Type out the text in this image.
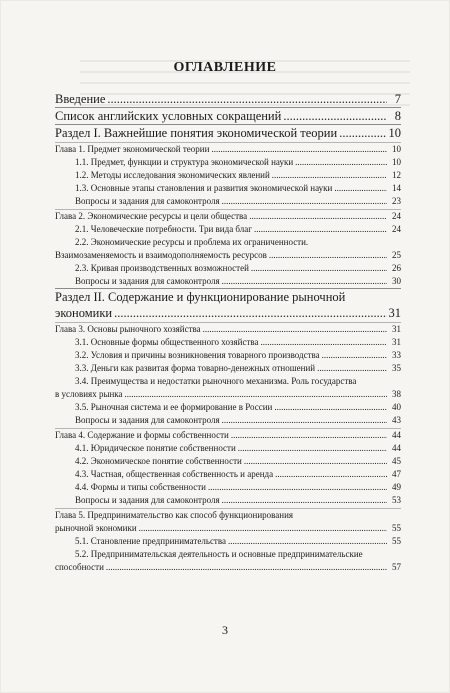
ОГЛАВЛЕНИЕ
Введение .....	7
Список английских условных сокращений .....	8
Раздел I. Важнейшие понятия экономической теории .....	10
Глава 1. Предмет экономической теории .....	10
1.1. Предмет, функции и структура экономической науки .....	10
1.2. Методы исследования экономических явлений .....	12
1.3. Основные этапы становления и развития экономической науки .....	14
Вопросы и задания для самоконтроля .....	23
Глава 2. Экономические ресурсы и цели общества .....	24
2.1. Человеческие потребности. Три вида благ .....	24
2.2. Экономические ресурсы и проблема их ограниченности.
Взаимозаменяемость и взаимодополняемость ресурсов .....	25
2.3. Кривая производственных возможностей .....	26
Вопросы и задания для самоконтроля .....	30
Раздел II. Содержание и функционирование рыночной
экономики .....	31
Глава 3. Основы рыночного хозяйства .....	31
3.1. Основные формы общественного хозяйства .....	31
3.2. Условия и причины возникновения товарного производства .....	33
3.3. Деньги как развитая форма товарно-денежных отношений .....	35
3.4. Преимущества и недостатки рыночного механизма. Роль государства
в условиях рынка .....	38
3.5. Рыночная система и ее формирование в России .....	40
Вопросы и задания для самоконтроля .....	43
Глава 4. Содержание и формы собственности .....	44
4.1. Юридическое понятие собственности .....	44
4.2. Экономическое понятие собственности .....	45
4.3. Частная, общественная собственность и аренда .....	47
4.4. Формы и типы собственности .....	49
Вопросы и задания для самоконтроля .....	53
Глава 5. Предпринимательство как способ функционирования
рыночной экономики .....	55
5.1. Становление предпринимательства .....	55
5.2. Предпринимательская деятельность и основные предпринимательские
способности .....	57
3
